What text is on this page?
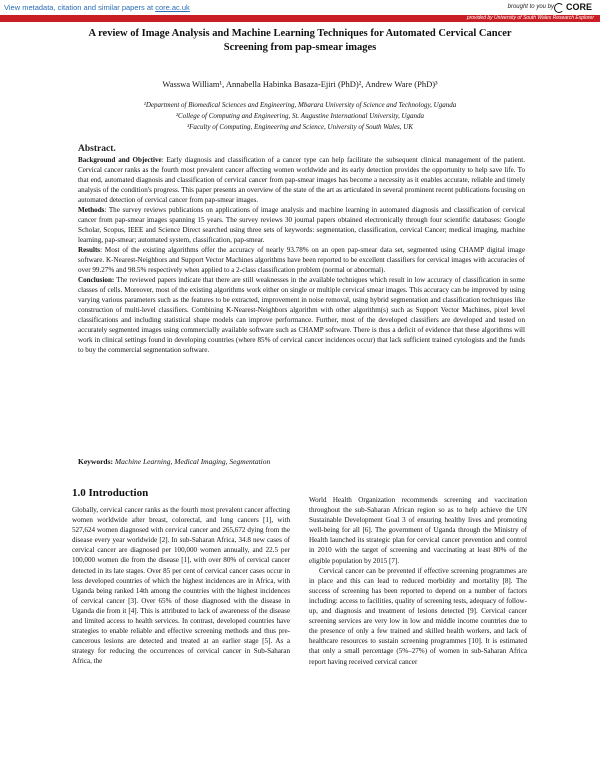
View metadata, citation and similar papers at core.ac.uk	brought to you by	CORE
provided by University of South Wales Research Explorer
A review of Image Analysis and Machine Learning Techniques for Automated Cervical Cancer
Screening from pap-smear images
Wasswa William¹, Annabella Habinka Basaza-Ejiri (PhD)², Andrew Ware (PhD)³
¹Department of Biomedical Sciences and Engineering, Mbarara University of Science and Technology, Uganda
²College of Computing and Engineering, St. Augustine International University, Uganda
³Faculty of Computing, Engineering and Science, University of South Wales, UK
Abstract.

Background and Objective: Early diagnosis and classification of a cancer type can help facilitate the subsequent clinical management of the patient. Cervical cancer ranks as the fourth most prevalent cancer affecting women worldwide and its early detection provides the opportunity to help save life. To that end, automated diagnosis and classification of cervical cancer from pap-smear images has become a necessity as it enables accurate, reliable and timely analysis of the condition's progress. This paper presents an overview of the state of the art as articulated in several prominent recent publications focusing on automated detection of cervical cancer from pap-smear images.

Methods: The survey reviews publications on applications of image analysis and machine learning in automated diagnosis and classification of cervical cancer from pap-smear images spanning 15 years. The survey reviews 30 journal papers obtained electronically through four scientific databases: Google Scholar, Scopus, IEEE and Science Direct searched using three sets of keywords: segmentation, classification, cervical Cancer; medical imaging, machine learning, pap-smear; automated system, classification, pap-smear.

Results: Most of the existing algorithms offer the accuracy of nearly 93.78% on an open pap-smear data set, segmented using CHAMP digital image software. K-Nearest-Neighbors and Support Vector Machines algorithms have been reported to be excellent classifiers for cervical images with accuracies of over 99.27% and 98.5% respectively when applied to a 2-class classification problem (normal or abnormal).

Conclusion: The reviewed papers indicate that there are still weaknesses in the available techniques which result in low accuracy of classification in some classes of cells. Moreover, most of the existing algorithms work either on single or multiple cervical smear images. This accuracy can be improved by using varying various parameters such as the features to be extracted, improvement in noise removal, using hybrid segmentation and classification techniques like construction of multi-level classifiers. Combining K-Nearest-Neighbors algorithm with other algorithm(s) such as Support Vector Machines, pixel level classifications and including statistical shape models can improve performance. Further, most of the developed classifiers are developed and tested on accurately segmented images using commercially available software such as CHAMP software. There is thus a deficit of evidence that these algorithms will work in clinical settings found in developing countries (where 85% of cervical cancer incidences occur) that lack sufficient trained cytologists and the funds to buy the commercial segmentation software.

Keywords: Machine Learning, Medical Imaging, Segmentation
1.0 Introduction

Globally, cervical cancer ranks as the fourth most prevalent cancer affecting women worldwide after breast, colorectal, and lung cancers [1], with 527,624 women diagnosed with cervical cancer and 265,672 dying from the disease every year worldwide [2]. In sub-Saharan Africa, 34.8 new cases of cervical cancer are diagnosed per 100,000 women annually, and 22.5 per 100,000 women die from the disease [1], with over 80% of cervical cancer detected in its late stages. Over 85 per cent of cervical cancer cases occur in less developed countries of which the highest incidences are in Africa, with Uganda being ranked 14th among the countries with the highest incidences of cervical cancer [3]. Over 65% of those diagnosed with the disease in Uganda die from it [4]. This is attributed to lack of awareness of the disease and limited access to health services. In contrast, developed countries have strategies to enable reliable and effective screening methods and thus pre-cancerous lesions are detected and treated at an earlier stage [5]. As a strategy for reducing the occurrences of cervical cancer in Sub-Saharan Africa, the

World Health Organization recommends screening and vaccination throughout the sub-Saharan African region so as to help achieve the UN Sustainable Development Goal 3 of ensuring healthy lives and promoting well-being for all [6]. The government of Uganda through the Ministry of Health launched its strategic plan for cervical cancer prevention and control in 2010 with the target of screening and vaccinating at least 80% of the eligible population by 2015 [7].

Cervical cancer can be prevented if effective screening programmes are in place and this can lead to reduced morbidity and mortality [8]. The success of screening has been reported to depend on a number of factors including: access to facilities, quality of screening tests, adequacy of follow-up, and diagnosis and treatment of lesions detected [9]. Cervical cancer screening services are very low in low and middle income countries due to the presence of only a few trained and skilled health workers, and lack of healthcare resources to sustain screening programmes [10]. It is estimated that only a small percentage (5%–27%) of women in sub-Saharan Africa report having received cervical cancer
